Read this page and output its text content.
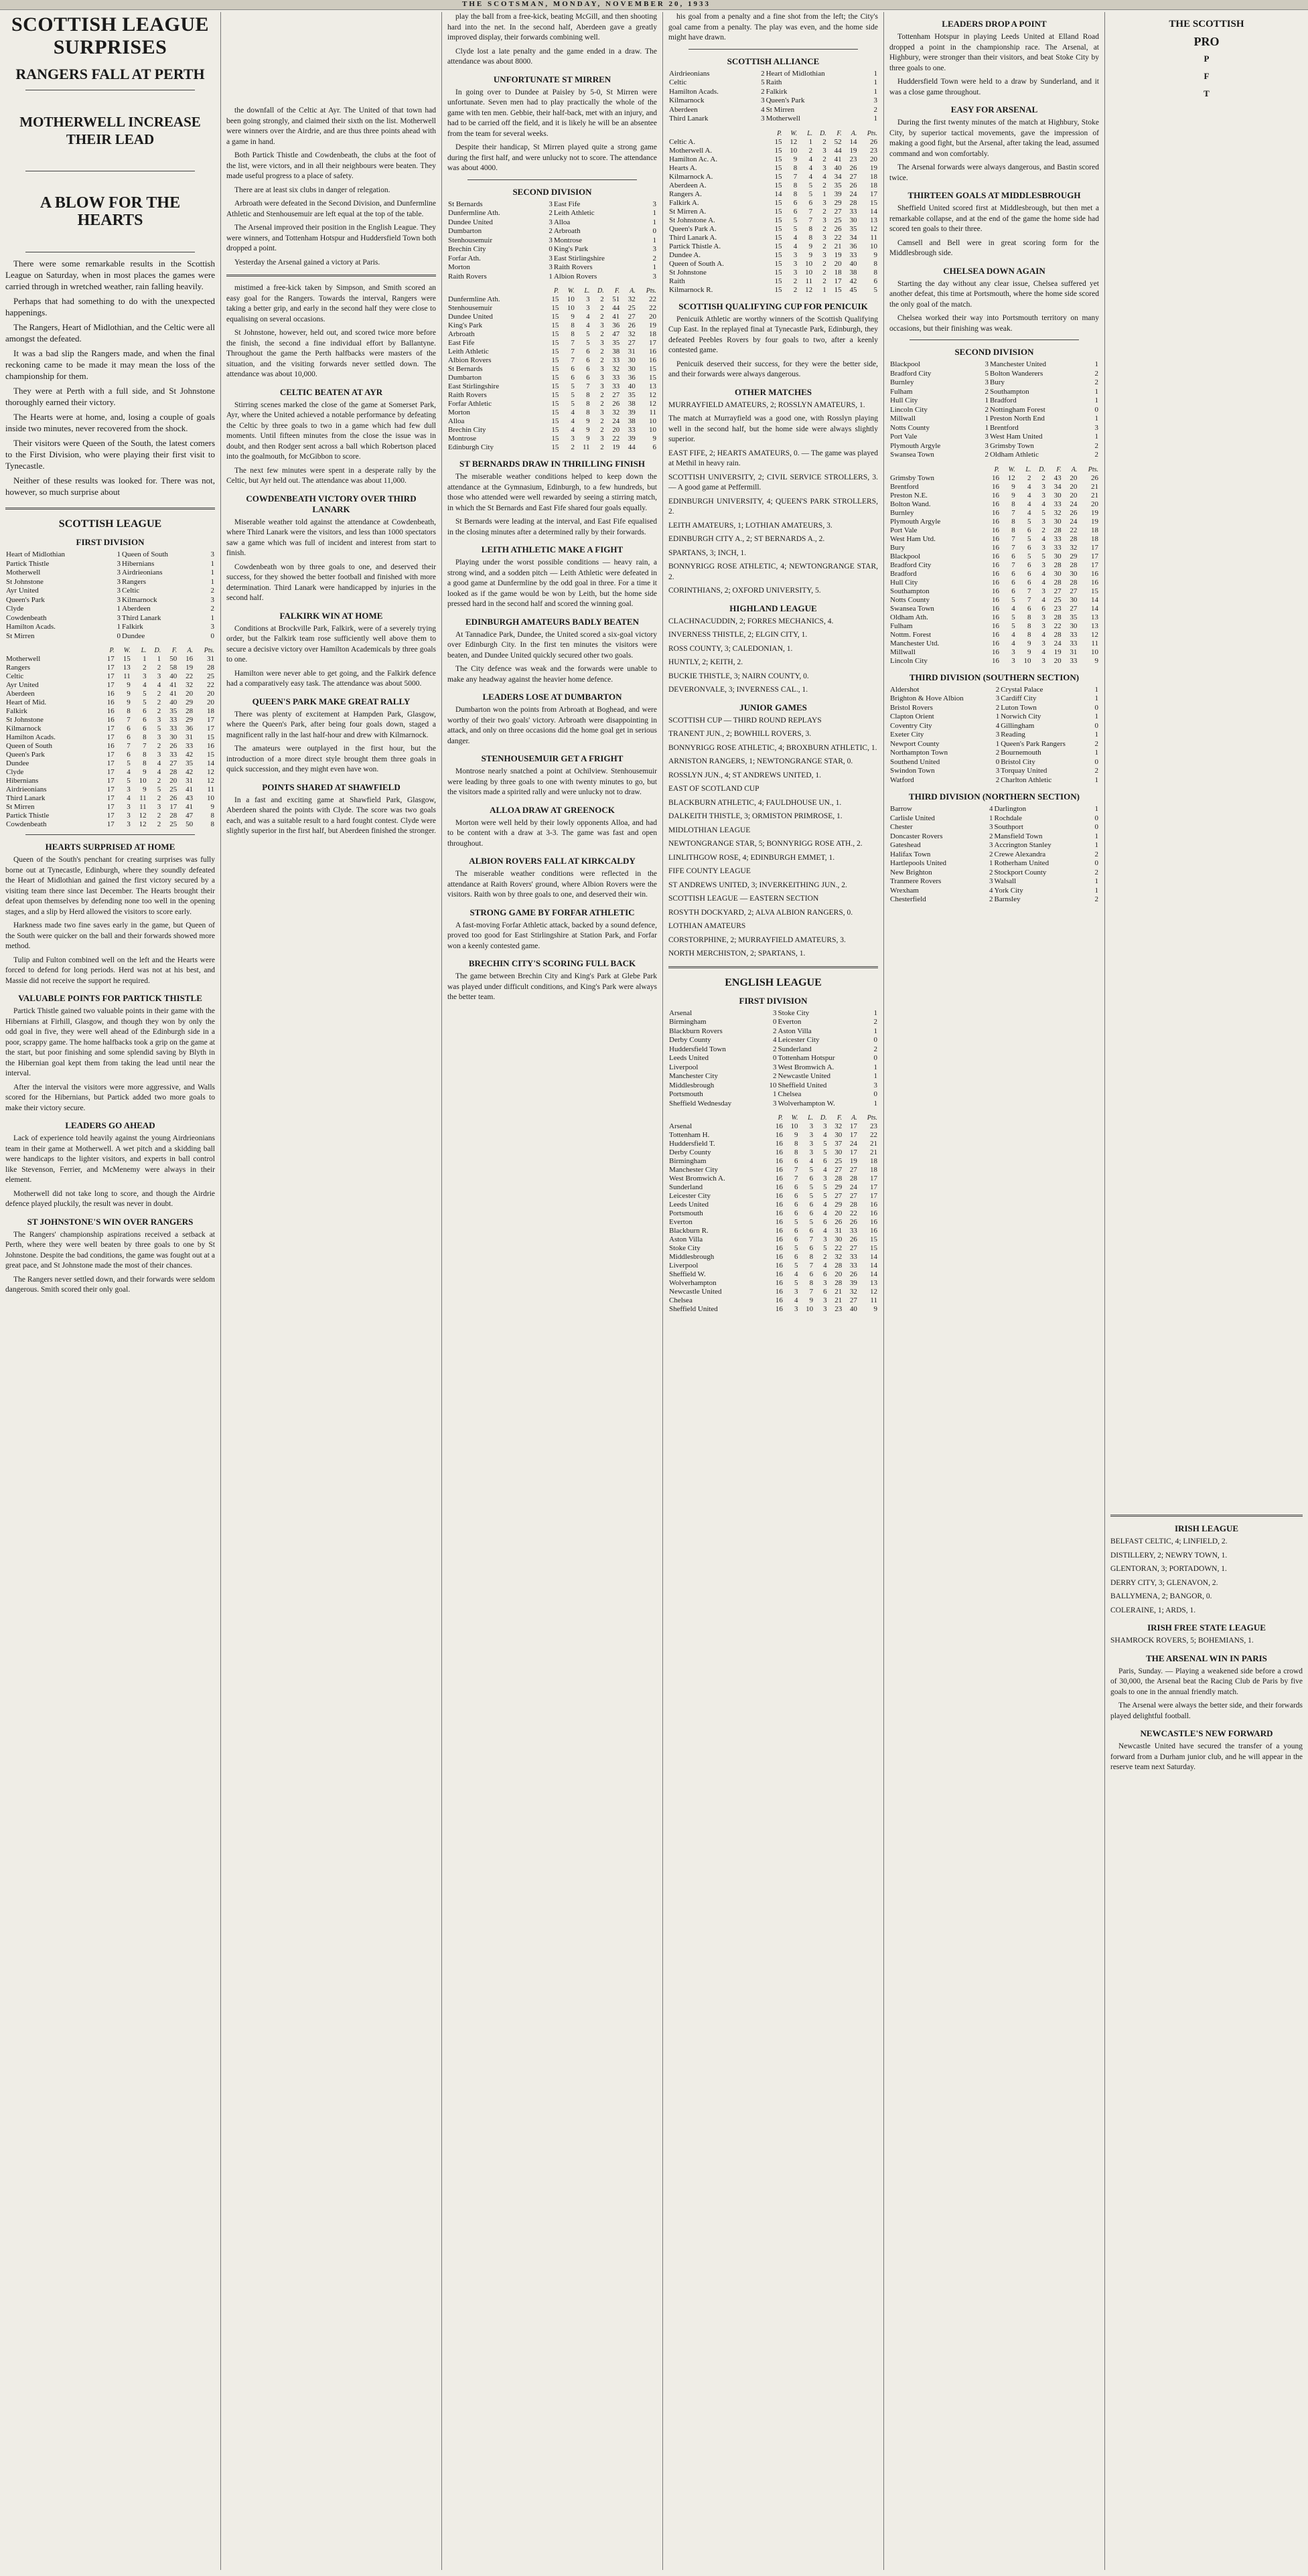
THE SCOTSMAN, MONDAY, NOVEMBER 20, 1933
SCOTTISH LEAGUE SURPRISES
RANGERS FALL AT PERTH
MOTHERWELL INCREASE THEIR LEAD
A BLOW FOR THE HEARTS

There were some remarkable results in the Scottish League on Saturday, when in most places the games were carried through in wretched weather, rain falling heavily.

Perhaps that had something to do with the unexpected happenings.

The Rangers, Heart of Midlothian, and the Celtic were all amongst the defeated.

It was a bad slip the Rangers made, and when the final reckoning came to be made it may mean the loss of the championship for them.

They were at Perth with a full side, and St Johnstone thoroughly earned their victory.

The Hearts were at home, and, losing a couple of goals inside two minutes, never recovered from the shock.

Their visitors were Queen of the South, the latest comers to the First Division, who were playing their first visit to Tynecastle.

Neither of these results was looked for. There was not, however, so much surprise about

SCOTTISH LEAGUE
FIRST DIVISION
Heart of Midlothian	1	Queen of South	3
Partick Thistle	3	Hibernians	1
Motherwell	3	Airdrieonians	1
St Johnstone	3	Rangers	1
Ayr United	3	Celtic	2
Queen's Park	3	Kilmarnock	3
Clyde	1	Aberdeen	2
Cowdenbeath	3	Third Lanark	1
Hamilton Acads.	1	Falkirk	3
St Mirren	0	Dundee	0
	P.	W.	L.	D.	F.	A.	Pts.
Motherwell	17	15	1	1	50	16	31
Rangers	17	13	2	2	58	19	28
Celtic	17	11	3	3	40	22	25
Ayr United	17	9	4	4	41	32	22
Aberdeen	16	9	5	2	41	20	20
Heart of Mid.	16	9	5	2	40	29	20
Falkirk	16	8	6	2	35	28	18
St Johnstone	16	7	6	3	33	29	17
Kilmarnock	17	6	6	5	33	36	17
Hamilton Acads.	17	6	8	3	30	31	15
Queen of South	16	7	7	2	26	33	16
Queen's Park	17	6	8	3	33	42	15
Dundee	17	5	8	4	27	35	14
Clyde	17	4	9	4	28	42	12
Hibernians	17	5	10	2	20	31	12
Airdrieonians	17	3	9	5	25	41	11
Third Lanark	17	4	11	2	26	43	10
St Mirren	17	3	11	3	17	41	9
Partick Thistle	17	3	12	2	28	47	8
Cowdenbeath	17	3	12	2	25	50	8
HEARTS SURPRISED AT HOME

Queen of the South's penchant for creating surprises was fully borne out at Tynecastle, Edinburgh, where they soundly defeated the Heart of Midlothian and gained the first victory secured by a visiting team there since last December. The Hearts brought their defeat upon themselves by defending none too well in the opening stages, and a slip by Herd allowed the visitors to score early.

Harkness made two fine saves early in the game, but Queen of the South were quicker on the ball and their forwards showed more method.

Tulip and Fulton combined well on the left and the Hearts were forced to defend for long periods. Herd was not at his best, and Massie did not receive the support he required.

VALUABLE POINTS FOR PARTICK THISTLE

Partick Thistle gained two valuable points in their game with the Hibernians at Firhill, Glasgow, and though they won by only the odd goal in five, they were well ahead of the Edinburgh side in a poor, scrappy game. The home halfbacks took a grip on the game at the start, but poor finishing and some splendid saving by Blyth in the Hibernian goal kept them from taking the lead until near the interval.

After the interval the visitors were more aggressive, and Walls scored for the Hibernians, but Partick added two more goals to make their victory secure.

LEADERS GO AHEAD

Lack of experience told heavily against the young Airdrieonians team in their game at Motherwell. A wet pitch and a skidding ball were handicaps to the lighter visitors, and experts in ball control like Stevenson, Ferrier, and McMenemy were always in their element.

Motherwell did not take long to score, and though the Airdrie defence played pluckily, the result was never in doubt.

ST JOHNSTONE'S WIN OVER RANGERS

The Rangers' championship aspirations received a setback at Perth, where they were well beaten by three goals to one by St Johnstone. Despite the bad conditions, the game was fought out at a great pace, and St Johnstone made the most of their chances.

The Rangers never settled down, and their forwards were seldom dangerous. Smith scored their only goal.

the downfall of the Celtic at Ayr. The United of that town had been going strongly, and claimed their sixth on the list. Motherwell were winners over the Airdrie, and are thus three points ahead with a game in hand.

Both Partick Thistle and Cowdenbeath, the clubs at the foot of the list, were victors, and in all their neighbours were beaten. They made useful progress to a place of safety.

There are at least six clubs in danger of relegation.

Arbroath were defeated in the Second Division, and Dunfermline Athletic and Stenhousemuir are left equal at the top of the table.

The Arsenal improved their position in the English League. They were winners, and Tottenham Hotspur and Huddersfield Town both dropped a point.

Yesterday the Arsenal gained a victory at Paris.

mistimed a free-kick taken by Simpson, and Smith scored an easy goal for the Rangers. Towards the interval, Rangers were taking a better grip, and early in the second half they were close to equalising on several occasions.

St Johnstone, however, held out, and scored twice more before the finish, the second a fine individual effort by Ballantyne. Throughout the game the Perth halfbacks were masters of the situation, and the visiting forwards never settled down. The attendance was about 10,000.

CELTIC BEATEN AT AYR

Stirring scenes marked the close of the game at Somerset Park, Ayr, where the United achieved a notable performance by defeating the Celtic by three goals to two in a game which had few dull moments. Until fifteen minutes from the close the issue was in doubt, and then Rodger sent across a ball which Robertson placed into the goalmouth, for McGibbon to score.

The next few minutes were spent in a desperate rally by the Celtic, but Ayr held out. The attendance was about 11,000.

COWDENBEATH VICTORY OVER THIRD LANARK

Miserable weather told against the attendance at Cowdenbeath, where Third Lanark were the visitors, and less than 1000 spectators saw a game which was full of incident and interest from start to finish.

Cowdenbeath won by three goals to one, and deserved their success, for they showed the better football and finished with more determination. Third Lanark were handicapped by injuries in the second half.

FALKIRK WIN AT HOME

Conditions at Brockville Park, Falkirk, were of a severely trying order, but the Falkirk team rose sufficiently well above them to secure a decisive victory over Hamilton Academicals by three goals to one.

Hamilton were never able to get going, and the Falkirk defence had a comparatively easy task. The attendance was about 5000.

QUEEN'S PARK MAKE GREAT RALLY

There was plenty of excitement at Hampden Park, Glasgow, where the Queen's Park, after being four goals down, staged a magnificent rally in the last half-hour and drew with Kilmarnock.

The amateurs were outplayed in the first hour, but the introduction of a more direct style brought them three goals in quick succession, and they might even have won.

POINTS SHARED AT SHAWFIELD

In a fast and exciting game at Shawfield Park, Glasgow, Aberdeen shared the points with Clyde. The score was two goals each, and was a suitable result to a hard fought contest. Clyde were slightly superior in the first half, but Aberdeen finished the stronger.

play the ball from a free-kick, beating McGill, and then shooting hard into the net. In the second half, Aberdeen gave a greatly improved display, their forwards combining well.

Clyde lost a late penalty and the game ended in a draw. The attendance was about 8000.

UNFORTUNATE ST MIRREN

In going over to Dundee at Paisley by 5-0, St Mirren were unfortunate. Seven men had to play practically the whole of the game with ten men. Gebbie, their half-back, met with an injury, and had to be carried off the field, and it is likely he will be an absentee from the team for several weeks.

Despite their handicap, St Mirren played quite a strong game during the first half, and were unlucky not to score. The attendance was about 4000.

SECOND DIVISION
St Bernards	3	East Fife	3
Dunfermline Ath.	2	Leith Athletic	1
Dundee United	3	Alloa	1
Dumbarton	2	Arbroath	0
Stenhousemuir	3	Montrose	1
Brechin City	0	King's Park	3
Forfar Ath.	3	East Stirlingshire	2
Morton	3	Raith Rovers	1
Raith Rovers	1	Albion Rovers	3
	P.	W.	L.	D.	F.	A.	Pts.
Dunfermline Ath.	15	10	3	2	51	32	22
Stenhousemuir	15	10	3	2	44	25	22
Dundee United	15	9	4	2	41	27	20
King's Park	15	8	4	3	36	26	19
Arbroath	15	8	5	2	47	32	18
East Fife	15	7	5	3	35	27	17
Leith Athletic	15	7	6	2	38	31	16
Albion Rovers	15	7	6	2	33	30	16
St Bernards	15	6	6	3	32	30	15
Dumbarton	15	6	6	3	33	36	15
East Stirlingshire	15	5	7	3	33	40	13
Raith Rovers	15	5	8	2	27	35	12
Forfar Athletic	15	5	8	2	26	38	12
Morton	15	4	8	3	32	39	11
Alloa	15	4	9	2	24	38	10
Brechin City	15	4	9	2	20	33	10
Montrose	15	3	9	3	22	39	9
Edinburgh City	15	2	11	2	19	44	6
ST BERNARDS DRAW IN THRILLING FINISH

The miserable weather conditions helped to keep down the attendance at the Gymnasium, Edinburgh, to a few hundreds, but those who attended were well rewarded by seeing a stirring match, in which the St Bernards and East Fife shared four goals equally.

St Bernards were leading at the interval, and East Fife equalised in the closing minutes after a determined rally by their forwards.

LEITH ATHLETIC MAKE A FIGHT

Playing under the worst possible conditions — heavy rain, a strong wind, and a sodden pitch — Leith Athletic were defeated in a good game at Dunfermline by the odd goal in three. For a time it looked as if the game would be won by Leith, but the home side pressed hard in the second half and scored the winning goal.

EDINBURGH AMATEURS BADLY BEATEN

At Tannadice Park, Dundee, the United scored a six-goal victory over Edinburgh City. In the first ten minutes the visitors were beaten, and Dundee United quickly secured other two goals.

The City defence was weak and the forwards were unable to make any headway against the heavier home defence.

LEADERS LOSE AT DUMBARTON

Dumbarton won the points from Arbroath at Boghead, and were worthy of their two goals' victory. Arbroath were disappointing in attack, and only on three occasions did the home goal get in serious danger.

STENHOUSEMUIR GET A FRIGHT

Montrose nearly snatched a point at Ochilview. Stenhousemuir were leading by three goals to one with twenty minutes to go, but the visitors made a spirited rally and were unlucky not to draw.

ALLOA DRAW AT GREENOCK

Morton were well held by their lowly opponents Alloa, and had to be content with a draw at 3-3. The game was fast and open throughout.

ALBION ROVERS FALL AT KIRKCALDY

The miserable weather conditions were reflected in the attendance at Raith Rovers' ground, where Albion Rovers were the visitors. Raith won by three goals to one, and deserved their win.

STRONG GAME BY FORFAR ATHLETIC

A fast-moving Forfar Athletic attack, backed by a sound defence, proved too good for East Stirlingshire at Station Park, and Forfar won a keenly contested game.

BRECHIN CITY'S SCORING FULL BACK

The game between Brechin City and King's Park at Glebe Park was played under difficult conditions, and King's Park were always the better team.

his goal from a penalty and a fine shot from the left; the City's goal came from a penalty. The play was even, and the home side might have drawn.

SCOTTISH ALLIANCE
Airdrieonians	2	Heart of Midlothian	1
Celtic	5	Raith	1
Hamilton Acads.	2	Falkirk	1
Kilmarnock	3	Queen's Park	3
Aberdeen	4	St Mirren	2
Third Lanark	3	Motherwell	1
	P.	W.	L.	D.	F.	A.	Pts.
Celtic A.	15	12	1	2	52	14	26
Motherwell A.	15	10	2	3	44	19	23
Hamilton Ac. A.	15	9	4	2	41	23	20
Hearts A.	15	8	4	3	40	26	19
Kilmarnock A.	15	7	4	4	34	27	18
Aberdeen A.	15	8	5	2	35	26	18
Rangers A.	14	8	5	1	39	24	17
Falkirk A.	15	6	6	3	29	28	15
St Mirren A.	15	6	7	2	27	33	14
St Johnstone A.	15	5	7	3	25	30	13
Queen's Park A.	15	5	8	2	26	35	12
Third Lanark A.	15	4	8	3	22	34	11
Partick Thistle A.	15	4	9	2	21	36	10
Dundee A.	15	3	9	3	19	33	9
Queen of South A.	15	3	10	2	20	40	8
St Johnstone	15	3	10	2	18	38	8
Raith	15	2	11	2	17	42	6
Kilmarnock R.	15	2	12	1	15	45	5
SCOTTISH QUALIFYING CUP FOR PENICUIK

Penicuik Athletic are worthy winners of the Scottish Qualifying Cup East. In the replayed final at Tynecastle Park, Edinburgh, they defeated Peebles Rovers by four goals to two, after a keenly contested game.

Penicuik deserved their success, for they were the better side, and their forwards were always dangerous.

OTHER MATCHES

MURRAYFIELD AMATEURS, 2; ROSSLYN AMATEURS, 1.

The match at Murrayfield was a good one, with Rosslyn playing well in the second half, but the home side were always slightly superior.

EAST FIFE, 2; HEARTS AMATEURS, 0. — The game was played at Methil in heavy rain.

SCOTTISH UNIVERSITY, 2; CIVIL SERVICE STROLLERS, 3. — A good game at Peffermill.

EDINBURGH UNIVERSITY, 4; QUEEN'S PARK STROLLERS, 2.

LEITH AMATEURS, 1; LOTHIAN AMATEURS, 3.

EDINBURGH CITY A., 2; ST BERNARDS A., 2.

SPARTANS, 3; INCH, 1.

BONNYRIGG ROSE ATHLETIC, 4; NEWTONGRANGE STAR, 2.

CORINTHIANS, 2; OXFORD UNIVERSITY, 5.

HIGHLAND LEAGUE

CLACHNACUDDIN, 2; FORRES MECHANICS, 4.

INVERNESS THISTLE, 2; ELGIN CITY, 1.

ROSS COUNTY, 3; CALEDONIAN, 1.

HUNTLY, 2; KEITH, 2.

BUCKIE THISTLE, 3; NAIRN COUNTY, 0.

DEVERONVALE, 3; INVERNESS CAL., 1.

JUNIOR GAMES

SCOTTISH CUP — THIRD ROUND REPLAYS

TRANENT JUN., 2; BOWHILL ROVERS, 3.

BONNYRIGG ROSE ATHLETIC, 4; BROXBURN ATHLETIC, 1.

ARNISTON RANGERS, 1; NEWTONGRANGE STAR, 0.

ROSSLYN JUN., 4; ST ANDREWS UNITED, 1.

EAST OF SCOTLAND CUP

BLACKBURN ATHLETIC, 4; FAULDHOUSE UN., 1.

DALKEITH THISTLE, 3; ORMISTON PRIMROSE, 1.

MIDLOTHIAN LEAGUE

NEWTONGRANGE STAR, 5; BONNYRIGG ROSE ATH., 2.

LINLITHGOW ROSE, 4; EDINBURGH EMMET, 1.

FIFE COUNTY LEAGUE

ST ANDREWS UNITED, 3; INVERKEITHING JUN., 2.

SCOTTISH LEAGUE — EASTERN SECTION

ROSYTH DOCKYARD, 2; ALVA ALBION RANGERS, 0.

LOTHIAN AMATEURS

CORSTORPHINE, 2; MURRAYFIELD AMATEURS, 3.

NORTH MERCHISTON, 2; SPARTANS, 1.

ENGLISH LEAGUE
FIRST DIVISION
Arsenal	3	Stoke City	1
Birmingham	0	Everton	2
Blackburn Rovers	2	Aston Villa	1
Derby County	4	Leicester City	0
Huddersfield Town	2	Sunderland	2
Leeds United	0	Tottenham Hotspur	0
Liverpool	3	West Bromwich A.	1
Manchester City	2	Newcastle United	1
Middlesbrough	10	Sheffield United	3
Portsmouth	1	Chelsea	0
Sheffield Wednesday	3	Wolverhampton W.	1
	P.	W.	L.	D.	F.	A.	Pts.
Arsenal	16	10	3	3	32	17	23
Tottenham H.	16	9	3	4	30	17	22
Huddersfield T.	16	8	3	5	37	24	21
Derby County	16	8	3	5	30	17	21
Birmingham	16	6	4	6	25	19	18
Manchester City	16	7	5	4	27	27	18
West Bromwich A.	16	7	6	3	28	28	17
Sunderland	16	6	5	5	29	24	17
Leicester City	16	6	5	5	27	27	17
Leeds United	16	6	6	4	29	28	16
Portsmouth	16	6	6	4	20	22	16
Everton	16	5	5	6	26	26	16
Blackburn R.	16	6	6	4	31	33	16
Aston Villa	16	6	7	3	30	26	15
Stoke City	16	5	6	5	22	27	15
Middlesbrough	16	6	8	2	32	33	14
Liverpool	16	5	7	4	28	33	14
Sheffield W.	16	4	6	6	20	26	14
Wolverhampton	16	5	8	3	28	39	13
Newcastle United	16	3	7	6	21	32	12
Chelsea	16	4	9	3	21	27	11
Sheffield United	16	3	10	3	23	40	9
LEADERS DROP A POINT

Tottenham Hotspur in playing Leeds United at Elland Road dropped a point in the championship race. The Arsenal, at Highbury, were stronger than their visitors, and beat Stoke City by three goals to one.

Huddersfield Town were held to a draw by Sunderland, and it was a close game throughout.

EASY FOR ARSENAL

During the first twenty minutes of the match at Highbury, Stoke City, by superior tactical movements, gave the impression of making a good fight, but the Arsenal, after taking the lead, assumed command and won comfortably.

The Arsenal forwards were always dangerous, and Bastin scored twice.

THIRTEEN GOALS AT MIDDLESBROUGH

Sheffield United scored first at Middlesbrough, but then met a remarkable collapse, and at the end of the game the home side had scored ten goals to their three.

Camsell and Bell were in great scoring form for the Middlesbrough side.

CHELSEA DOWN AGAIN

Starting the day without any clear issue, Chelsea suffered yet another defeat, this time at Portsmouth, where the home side scored the only goal of the match.

Chelsea worked their way into Portsmouth territory on many occasions, but their finishing was weak.

SECOND DIVISION
Blackpool	3	Manchester United	1
Bradford City	5	Bolton Wanderers	2
Burnley	3	Bury	2
Fulham	2	Southampton	1
Hull City	1	Bradford	1
Lincoln City	2	Nottingham Forest	0
Millwall	1	Preston North End	1
Notts County	1	Brentford	3
Port Vale	3	West Ham United	1
Plymouth Argyle	3	Grimsby Town	2
Swansea Town	2	Oldham Athletic	2
	P.	W.	L.	D.	F.	A.	Pts.
Grimsby Town	16	12	2	2	43	20	26
Brentford	16	9	4	3	34	20	21
Preston N.E.	16	9	4	3	30	20	21
Bolton Wand.	16	8	4	4	33	24	20
Burnley	16	7	4	5	32	26	19
Plymouth Argyle	16	8	5	3	30	24	19
Port Vale	16	8	6	2	28	22	18
West Ham Utd.	16	7	5	4	33	28	18
Bury	16	7	6	3	33	32	17
Blackpool	16	6	5	5	30	29	17
Bradford City	16	7	6	3	28	28	17
Bradford	16	6	6	4	30	30	16
Hull City	16	6	6	4	28	28	16
Southampton	16	6	7	3	27	27	15
Notts County	16	5	7	4	25	30	14
Swansea Town	16	4	6	6	23	27	14
Oldham Ath.	16	5	8	3	28	35	13
Fulham	16	5	8	3	22	30	13
Nottm. Forest	16	4	8	4	28	33	12
Manchester Utd.	16	4	9	3	24	33	11
Millwall	16	3	9	4	19	31	10
Lincoln City	16	3	10	3	20	33	9
THIRD DIVISION (SOUTHERN SECTION)
Aldershot	2	Crystal Palace	1
Brighton & Hove Albion	3	Cardiff City	1
Bristol Rovers	2	Luton Town	0
Clapton Orient	1	Norwich City	1
Coventry City	4	Gillingham	0
Exeter City	3	Reading	1
Newport County	1	Queen's Park Rangers	2
Northampton Town	2	Bournemouth	1
Southend United	0	Bristol City	0
Swindon Town	3	Torquay United	2
Watford	2	Charlton Athletic	1
THIRD DIVISION (NORTHERN SECTION)
Barrow	4	Darlington	1
Carlisle United	1	Rochdale	0
Chester	3	Southport	0
Doncaster Rovers	2	Mansfield Town	1
Gateshead	3	Accrington Stanley	1
Halifax Town	2	Crewe Alexandra	2
Hartlepools United	1	Rotherham United	0
New Brighton	2	Stockport County	2
Tranmere Rovers	3	Walsall	1
Wrexham	4	York City	1
Chesterfield	2	Barnsley	2
THE SCOTTISH
PRO
P
F
T
IRISH LEAGUE

BELFAST CELTIC, 4; LINFIELD, 2.

DISTILLERY, 2; NEWRY TOWN, 1.

GLENTORAN, 3; PORTADOWN, 1.

DERRY CITY, 3; GLENAVON, 2.

BALLYMENA, 2; BANGOR, 0.

COLERAINE, 1; ARDS, 1.

IRISH FREE STATE LEAGUE

SHAMROCK ROVERS, 5; BOHEMIANS, 1.

THE ARSENAL WIN IN PARIS

Paris, Sunday. — Playing a weakened side before a crowd of 30,000, the Arsenal beat the Racing Club de Paris by five goals to one in the annual friendly match.

The Arsenal were always the better side, and their forwards played delightful football.

NEWCASTLE'S NEW FORWARD

Newcastle United have secured the transfer of a young forward from a Durham junior club, and he will appear in the reserve team next Saturday.
